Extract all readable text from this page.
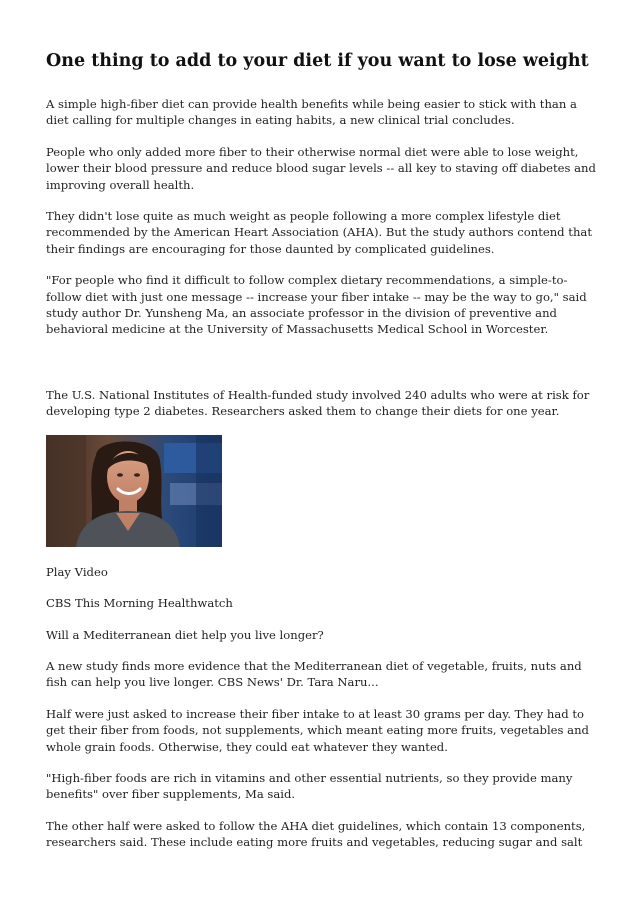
One thing to add to your diet if you want to lose weight

A simple high-fiber diet can provide health benefits while being easier to stick with than a diet calling for multiple changes in eating habits, a new clinical trial concludes.

People who only added more fiber to their otherwise normal diet were able to lose weight, lower their blood pressure and reduce blood sugar levels -- all key to staving off diabetes and improving overall health.

They didn't lose quite as much weight as people following a more complex lifestyle diet recommended by the American Heart Association (AHA). But the study authors contend that their findings are encouraging for those daunted by complicated guidelines.

"For people who find it difficult to follow complex dietary recommendations, a simple-to-follow diet with just one message -- increase your fiber intake -- may be the way to go," said study author Dr. Yunsheng Ma, an associate professor in the division of preventive and behavioral medicine at the University of Massachusetts Medical School in Worcester.

The U.S. National Institutes of Health-funded study involved 240 adults who were at risk for developing type 2 diabetes. Researchers asked them to change their diets for one year.

Play Video

CBS This Morning Healthwatch

Will a Mediterranean diet help you live longer?

A new study finds more evidence that the Mediterranean diet of vegetable, fruits, nuts and fish can help you live longer. CBS News' Dr. Tara Naru...

Half were just asked to increase their fiber intake to at least 30 grams per day. They had to get their fiber from foods, not supplements, which meant eating more fruits, vegetables and whole grain foods. Otherwise, they could eat whatever they wanted.

"High-fiber foods are rich in vitamins and other essential nutrients, so they provide many benefits" over fiber supplements, Ma said.

The other half were asked to follow the AHA diet guidelines, which contain 13 components, researchers said. These include eating more fruits and vegetables, reducing sugar and salt
